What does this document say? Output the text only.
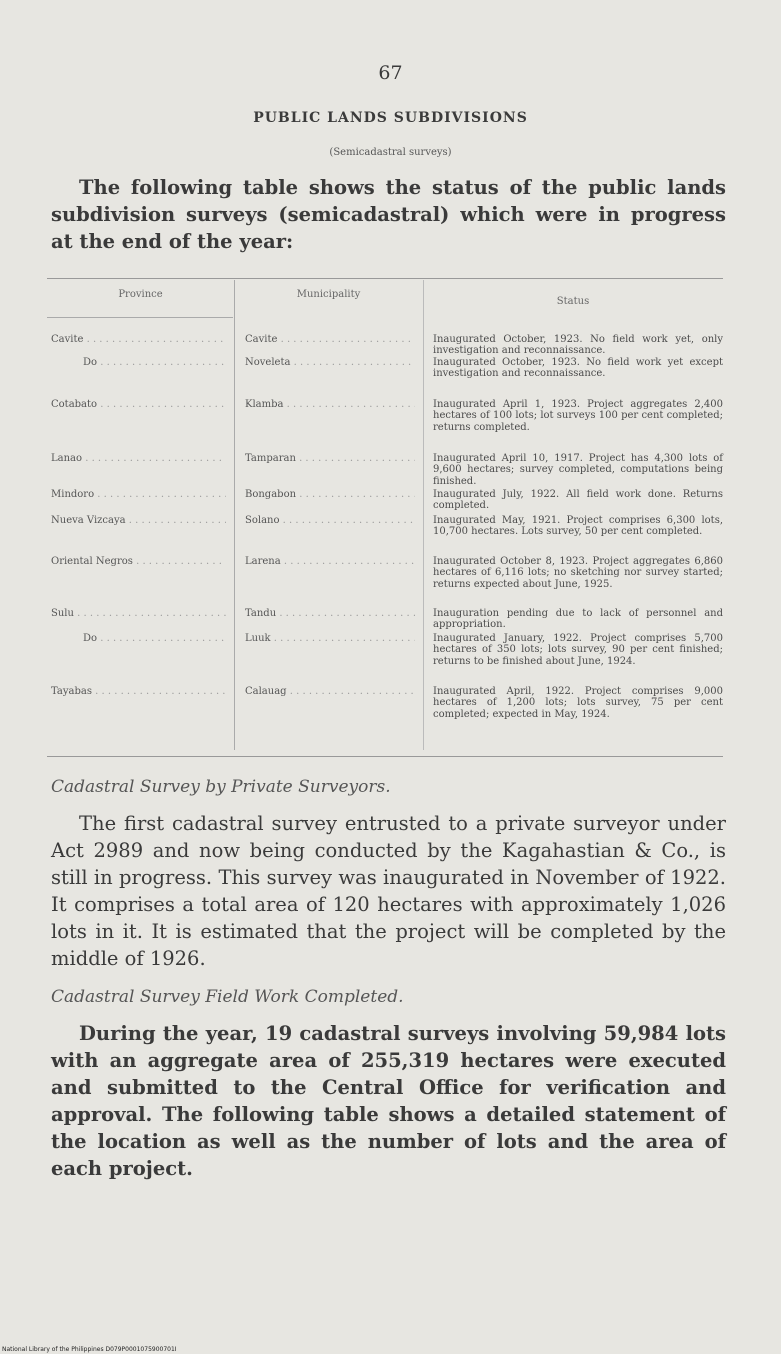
67
PUBLIC LANDS SUBDIVISIONS
(Semicadastral surveys)
The following table shows the status of the public lands subdivision surveys (semicadastral) which were in progress at the end of the year:
Province	Municipality
Status
Cavite . . .	Cavite . . .	Inaugurated October, 1923. No field work yet, only investigation and reconnaissance.
Do . . .	Noveleta . . .	Inaugurated October, 1923. No field work yet except investigation and reconnaissance.
Cotabato . . .	Klamba . . .	Inaugurated April 1, 1923. Project aggregates 2,400 hectares of 100 lots; lot surveys 100 per cent completed; returns completed.
Lanao . . .	Tamparan . . .	Inaugurated April 10, 1917. Project has 4,300 lots of 9,600 hectares; survey completed, computations being finished.
Mindoro . . .	Bongabon . . .	Inaugurated July, 1922. All field work done. Returns completed.
Nueva Vizcaya . . .	Solano . . .	Inaugurated May, 1921. Project comprises 6,300 lots, 10,700 hectares. Lots survey, 50 per cent completed.
Oriental Negros . . .	Larena . . .	Inaugurated October 8, 1923. Project aggregates 6,860 hectares of 6,116 lots; no sketching nor survey started; returns expected about June, 1925.
Sulu . . .	Tandu . . .	Inauguration pending due to lack of personnel and appropriation.
Do . . .	Luuk . . .	Inaugurated January, 1922. Project comprises 5,700 hectares of 350 lots; lots survey, 90 per cent finished; returns to be finished about June, 1924.
Tayabas . . .	Calauag . . .	Inaugurated April, 1922. Project comprises 9,000 hectares of 1,200 lots; lots survey, 75 per cent completed; expected in May, 1924.
Cadastral Survey by Private Surveyors.
The first cadastral survey entrusted to a private surveyor under Act 2989 and now being conducted by the Kagahastian & Co., is still in progress. This survey was inaugurated in November of 1922. It comprises a total area of 120 hectares with approximately 1,026 lots in it. It is estimated that the project will be completed by the middle of 1926.
Cadastral Survey Field Work Completed.
During the year, 19 cadastral surveys involving 59,984 lots with an aggregate area of 255,319 hectares were executed and submitted to the Central Office for verification and approval. The following table shows a detailed statement of the location as well as the number of lots and the area of each project.
National Library of the Philippines D079P0001075900701I
